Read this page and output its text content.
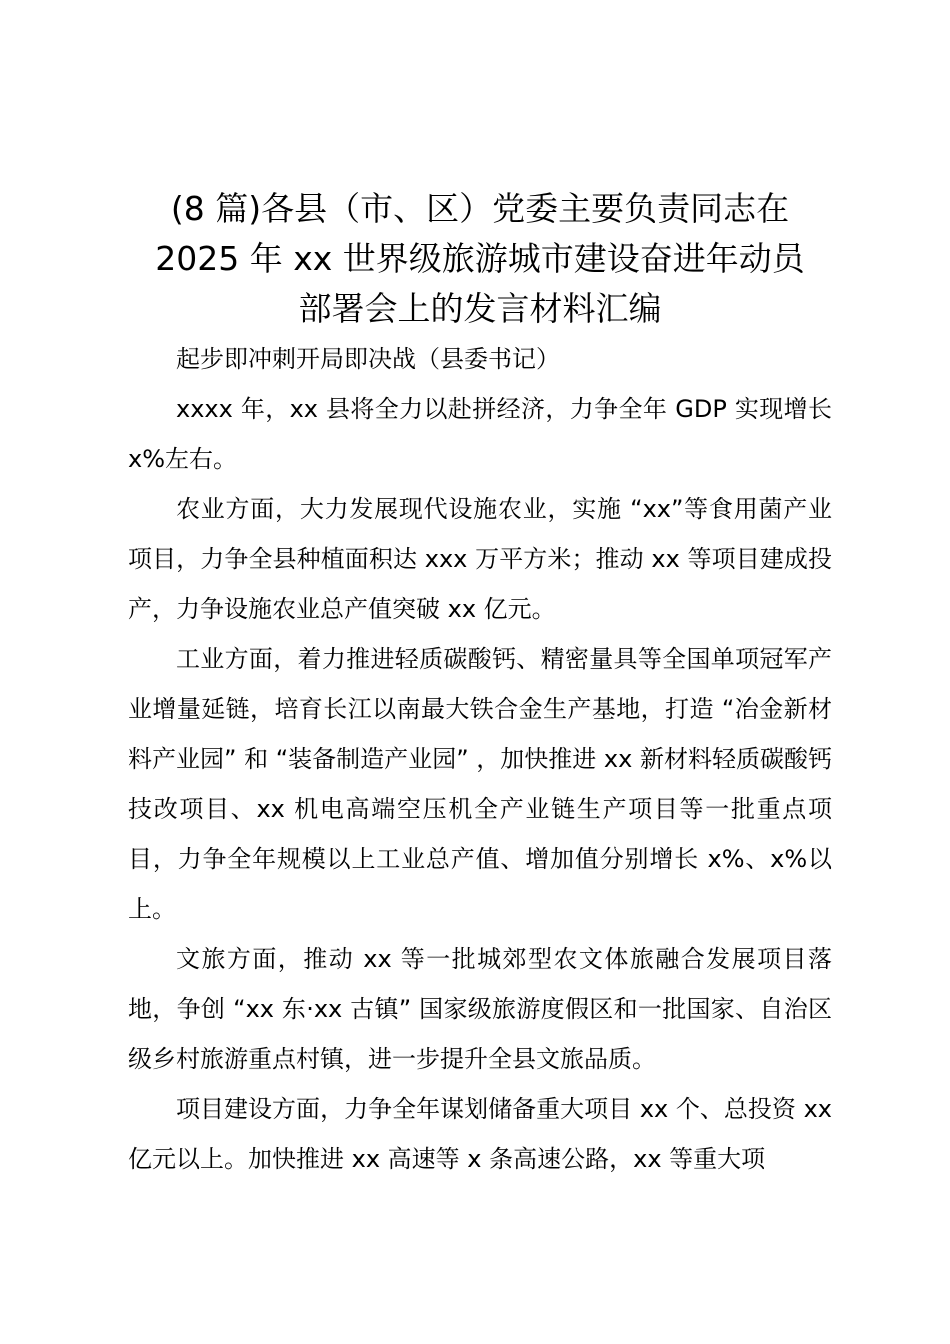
(8 篇)各县（市、区）党委主要负责同志在
2025 年 xx 世界级旅游城市建设奋进年动员
部署会上的发言材料汇编

起步即冲刺开局即决战（县委书记）

xxxx 年，xx 县将全力以赴拼经济，力争全年 GDP 实现增长 x%左右。

农业方面，大力发展现代设施农业，实施 “xx”等食用菌产业项目，力争全县种植面积达 xxx 万平方米；推动 xx 等项目建成投产，力争设施农业总产值突破 xx 亿元。

工业方面，着力推进轻质碳酸钙、精密量具等全国单项冠军产业增量延链，培育长江以南最大铁合金生产基地，打造 “冶金新材料产业园” 和 “装备制造产业园” ，加快推进 xx 新材料轻质碳酸钙技改项目、xx 机电高端空压机全产业链生产项目等一批重点项目，力争全年规模以上工业总产值、增加值分别增长 x%、x%以上。

文旅方面，推动 xx 等一批城郊型农文体旅融合发展项目落地，争创 “xx 东·xx 古镇” 国家级旅游度假区和一批国家、自治区级乡村旅游重点村镇，进一步提升全县文旅品质。

项目建设方面，力争全年谋划储备重大项目 xx 个、总投资 xx 亿元以上。加快推进 xx 高速等 x 条高速公路，xx 等重大项
